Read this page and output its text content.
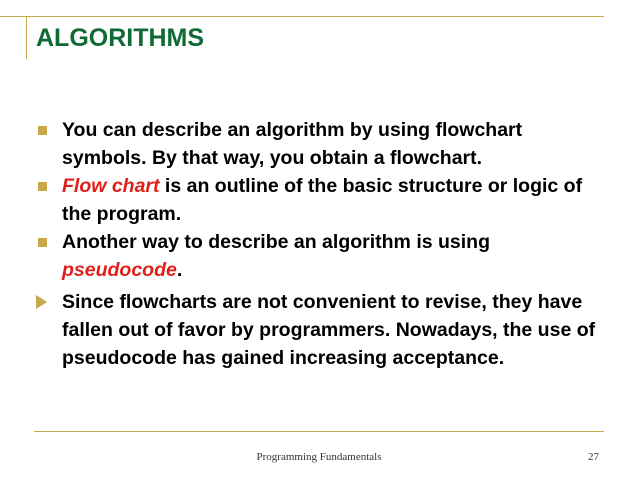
ALGORITHMS
You can describe an algorithm by using flowchart symbols. By that way, you obtain a flowchart.
Flow chart is an outline of the basic structure or logic of the program.
Another way to describe an algorithm is using pseudocode.
Since flowcharts are not convenient to revise, they have fallen out of favor by programmers. Nowadays, the use of pseudocode has gained increasing acceptance.
Programming Fundamentals	27
